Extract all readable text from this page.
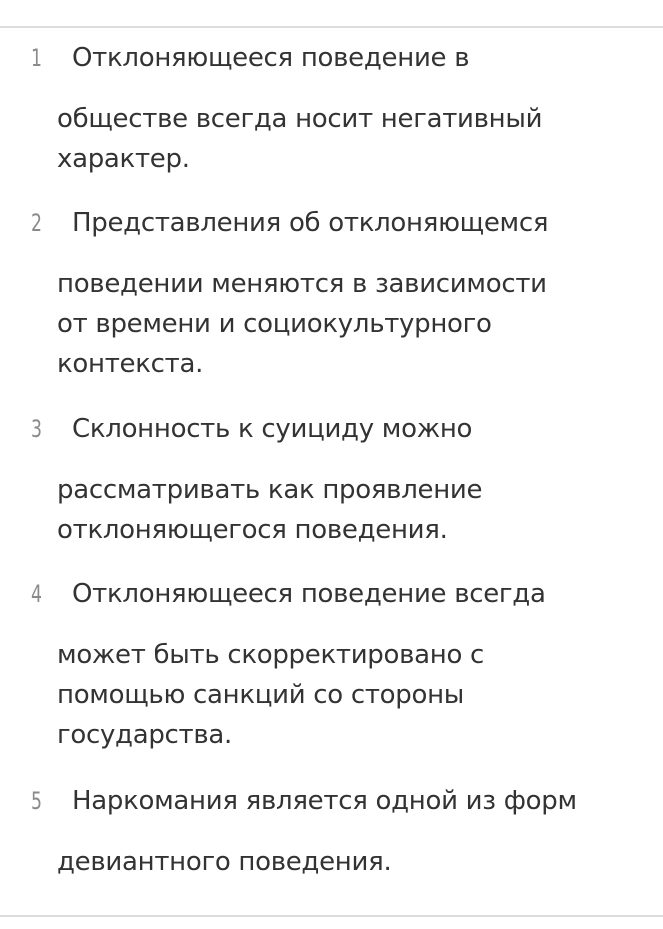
1 Отклоняющееся поведение в
обществе всегда носит негативный
характер.
2 Представления об отклоняющемся
поведении меняются в зависимости
от времени и социокультурного
контекста.
3 Склонность к суициду можно
рассматривать как проявление
отклоняющегося поведения.
4 Отклоняющееся поведение всегда
может быть скорректировано с
помощью санкций со стороны
государства.
5 Наркомания является одной из форм
девиантного поведения.
